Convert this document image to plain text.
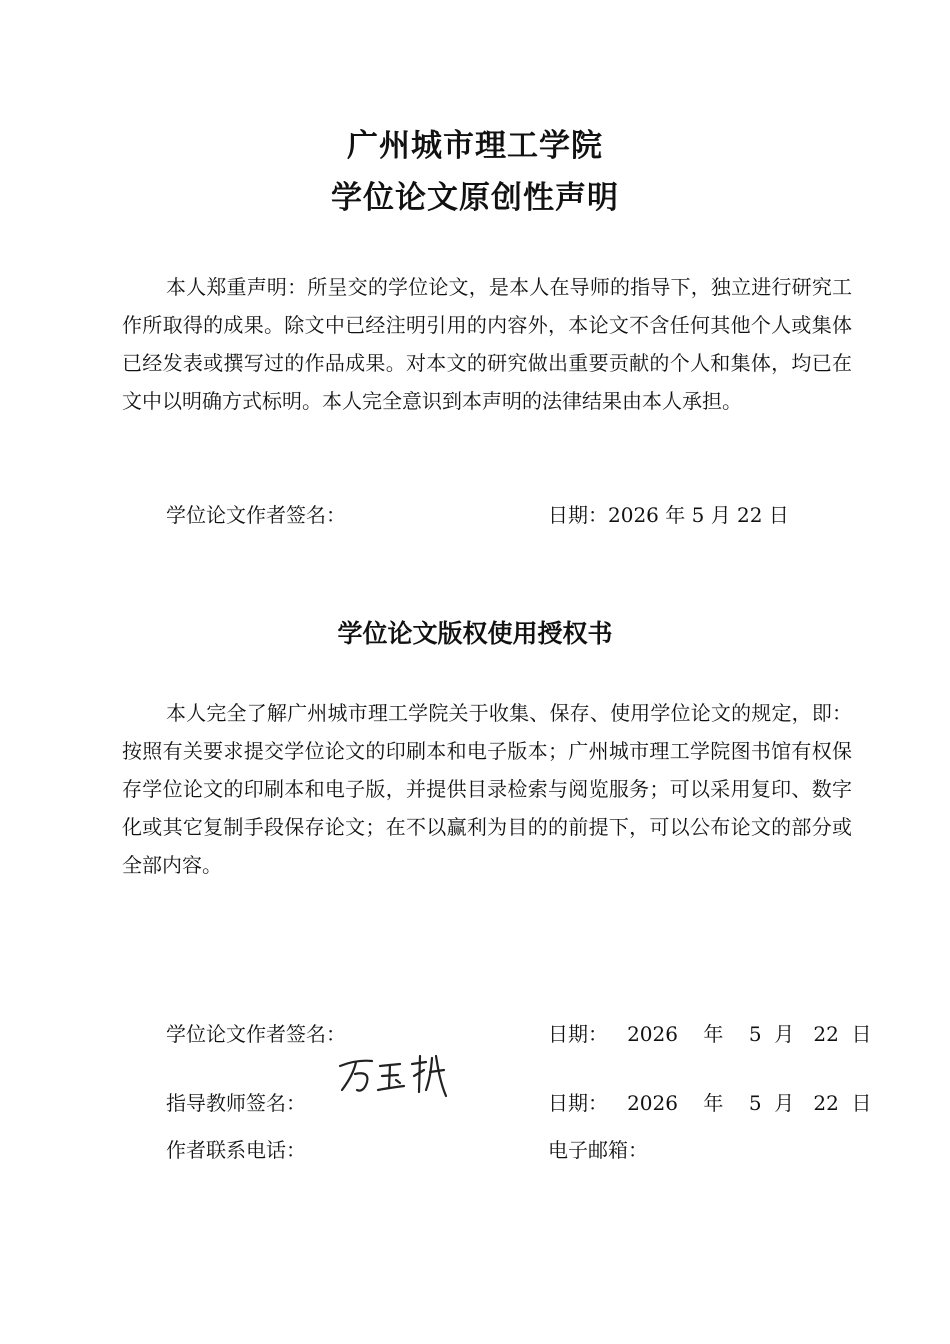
广州城市理工学院
学位论文原创性声明

本人郑重声明：所呈交的学位论文，是本人在导师的指导下，独立进行研究工作所取得的成果。除文中已经注明引用的内容外，本论文不含任何其他个人或集体已经发表或撰写过的作品成果。对本文的研究做出重要贡献的个人和集体，均已在文中以明确方式标明。本人完全意识到本声明的法律结果由本人承担。

学位论文作者签名：	日期：2026 年 5 月 22 日
学位论文版权使用授权书

本人完全了解广州城市理工学院关于收集、保存、使用学位论文的规定，即：按照有关要求提交学位论文的印刷本和电子版本；广州城市理工学院图书馆有权保存学位论文的印刷本和电子版，并提供目录检索与阅览服务；可以采用复印、数字化或其它复制手段保存论文；在不以赢利为目的的前提下，可以公布论文的部分或全部内容。

学位论文作者签名：	日期：   2026    年    5  月   22  日
指导教师签名：	日期：   2026    年    5  月   22  日
作者联系电话：	电子邮箱：
